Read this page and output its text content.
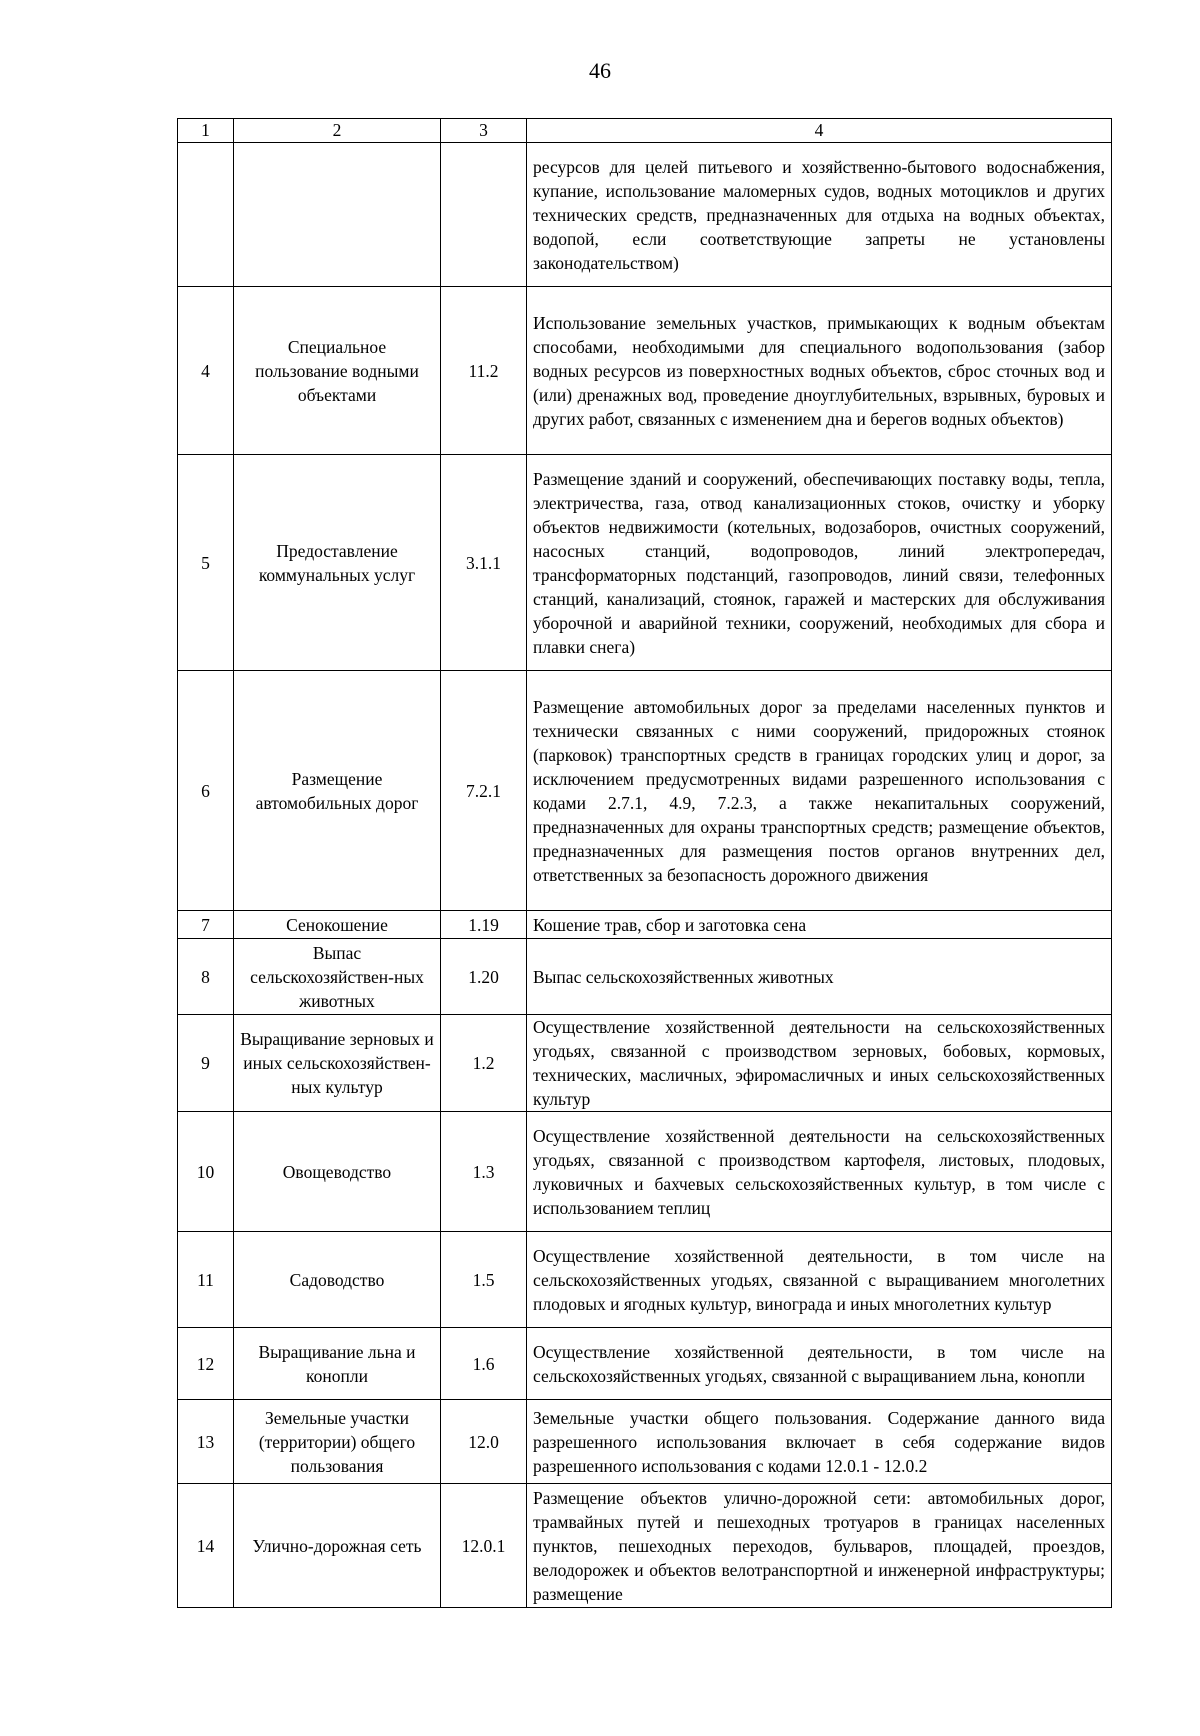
46
1	2	3	4
			ресурсов для целей питьевого и хозяйственно-бытового водоснабжения, купание, использование маломерных судов, водных мотоциклов и других технических средств, предназначенных для отдыха на водных объектах, водопой, если соответствующие запреты не установлены законодательством)
4	Специальное пользование водными объектами	11.2	Использование земельных участков, примыкающих к водным объектам способами, необходимыми для специального водопользования (забор водных ресурсов из поверхностных водных объектов, сброс сточных вод и (или) дренажных вод, проведение дноуглубительных, взрывных, буровых и других работ, связанных с изменением дна и берегов водных объектов)
5	Предоставление коммунальных услуг	3.1.1	Размещение зданий и сооружений, обеспечивающих поставку воды, тепла, электричества, газа, отвод канализационных стоков, очистку и уборку объектов недвижимости (котельных, водозаборов, очистных сооружений, насосных станций, водопроводов, линий электропередач, трансформаторных подстанций, газопроводов, линий связи, телефонных станций, канализаций, стоянок, гаражей и мастерских для обслуживания уборочной и аварийной техники, сооружений, необходимых для сбора и плавки снега)
6	Размещение автомобильных дорог	7.2.1	Размещение автомобильных дорог за пределами населенных пунктов и технически связанных с ними сооружений, придорожных стоянок (парковок) транспортных средств в границах городских улиц и дорог, за исключением предусмотренных видами разрешенного использования с кодами 2.7.1, 4.9, 7.2.3, а также некапитальных сооружений, предназначенных для охраны транспортных средств; размещение объектов, предназначенных для размещения постов органов внутренних дел, ответственных за безопасность дорожного движения
7	Сенокошение	1.19	Кошение трав, сбор и заготовка сена
8	Выпас сельскохозяйствен-ных животных	1.20	Выпас сельскохозяйственных животных
9	Выращивание зерновых и иных сельскохозяйствен-ных культур	1.2	Осуществление хозяйственной деятельности на сельскохозяйственных угодьях, связанной с производством зерновых, бобовых, кормовых, технических, масличных, эфиромасличных и иных сельскохозяйственных культур
10	Овощеводство	1.3	Осуществление хозяйственной деятельности на сельскохозяйственных угодьях, связанной с производством картофеля, листовых, плодовых, луковичных и бахчевых сельскохозяйственных культур, в том числе с использованием теплиц
11	Садоводство	1.5	Осуществление хозяйственной деятельности, в том числе на сельскохозяйственных угодьях, связанной с выращиванием многолетних плодовых и ягодных культур, винограда и иных многолетних культур
12	Выращивание льна и конопли	1.6	Осуществление хозяйственной деятельности, в том числе на сельскохозяйственных угодьях, связанной с выращиванием льна, конопли
13	Земельные участки (территории) общего пользования	12.0	Земельные участки общего пользования. Содержание данного вида разрешенного использования включает в себя содержание видов разрешенного использования с кодами 12.0.1 - 12.0.2
14	Улично-дорожная сеть	12.0.1	Размещение объектов улично-дорожной сети: автомобильных дорог, трамвайных путей и пешеходных тротуаров в границах населенных пунктов, пешеходных переходов, бульваров, площадей, проездов, велодорожек и объектов велотранспортной и инженерной инфраструктуры; размещение
